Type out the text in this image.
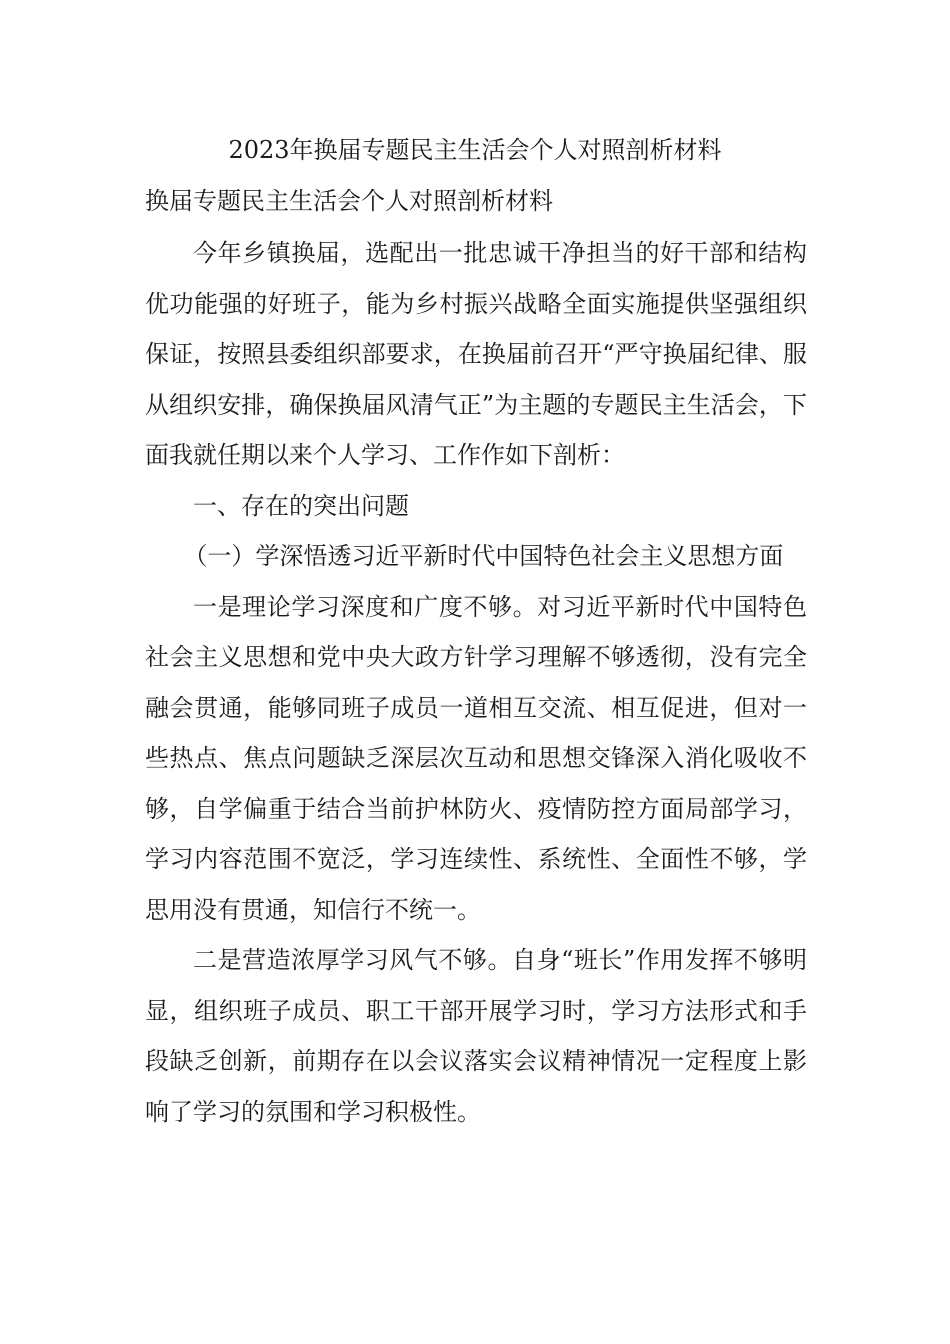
2023年换届专题民主生活会个人对照剖析材料

换届专题民主生活会个人对照剖析材料

今年乡镇换届，选配出一批忠诚干净担当的好干部和结构优功能强的好班子，能为乡村振兴战略全面实施提供坚强组织保证，按照县委组织部要求，在换届前召开“严守换届纪律、服从组织安排，确保换届风清气正”为主题的专题民主生活会，下面我就任期以来个人学习、工作作如下剖析：

一、存在的突出问题

（一）学深悟透习近平新时代中国特色社会主义思想方面

一是理论学习深度和广度不够。对习近平新时代中国特色社会主义思想和党中央大政方针学习理解不够透彻，没有完全融会贯通，能够同班子成员一道相互交流、相互促进，但对一些热点、焦点问题缺乏深层次互动和思想交锋深入消化吸收不够，自学偏重于结合当前护林防火、疫情防控方面局部学习，学习内容范围不宽泛，学习连续性、系统性、全面性不够，学思用没有贯通，知信行不统一。

二是营造浓厚学习风气不够。自身“班长”作用发挥不够明显，组织班子成员、职工干部开展学习时，学习方法形式和手段缺乏创新，前期存在以会议落实会议精神情况一定程度上影响了学习的氛围和学习积极性。
